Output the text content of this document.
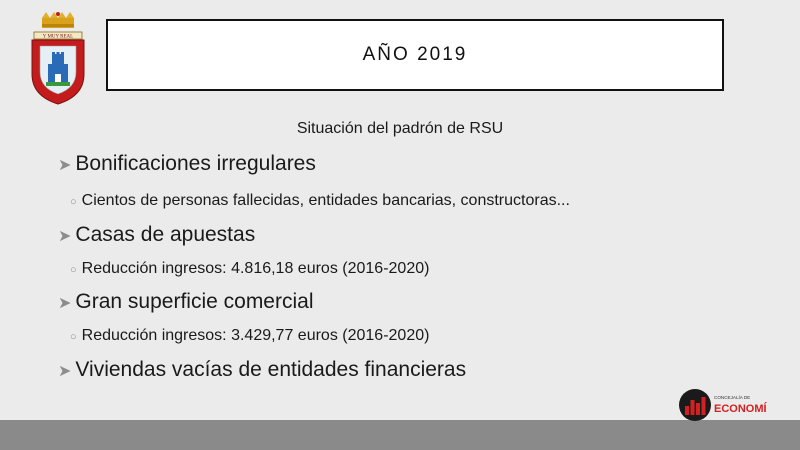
Y MUY REAL
AÑO 2019
Situación del padrón de RSU
➤ Bonificaciones irregulares
○ Cientos de personas fallecidas, entidades bancarias, constructoras...
➤ Casas de apuestas
○ Reducción ingresos: 4.816,18 euros (2016-2020)
➤ Gran superficie comercial
○ Reducción ingresos: 3.429,77 euros (2016-2020)
➤ Viviendas vacías de entidades financieras
CONCEJALÍA DE
ECONOMÍ
